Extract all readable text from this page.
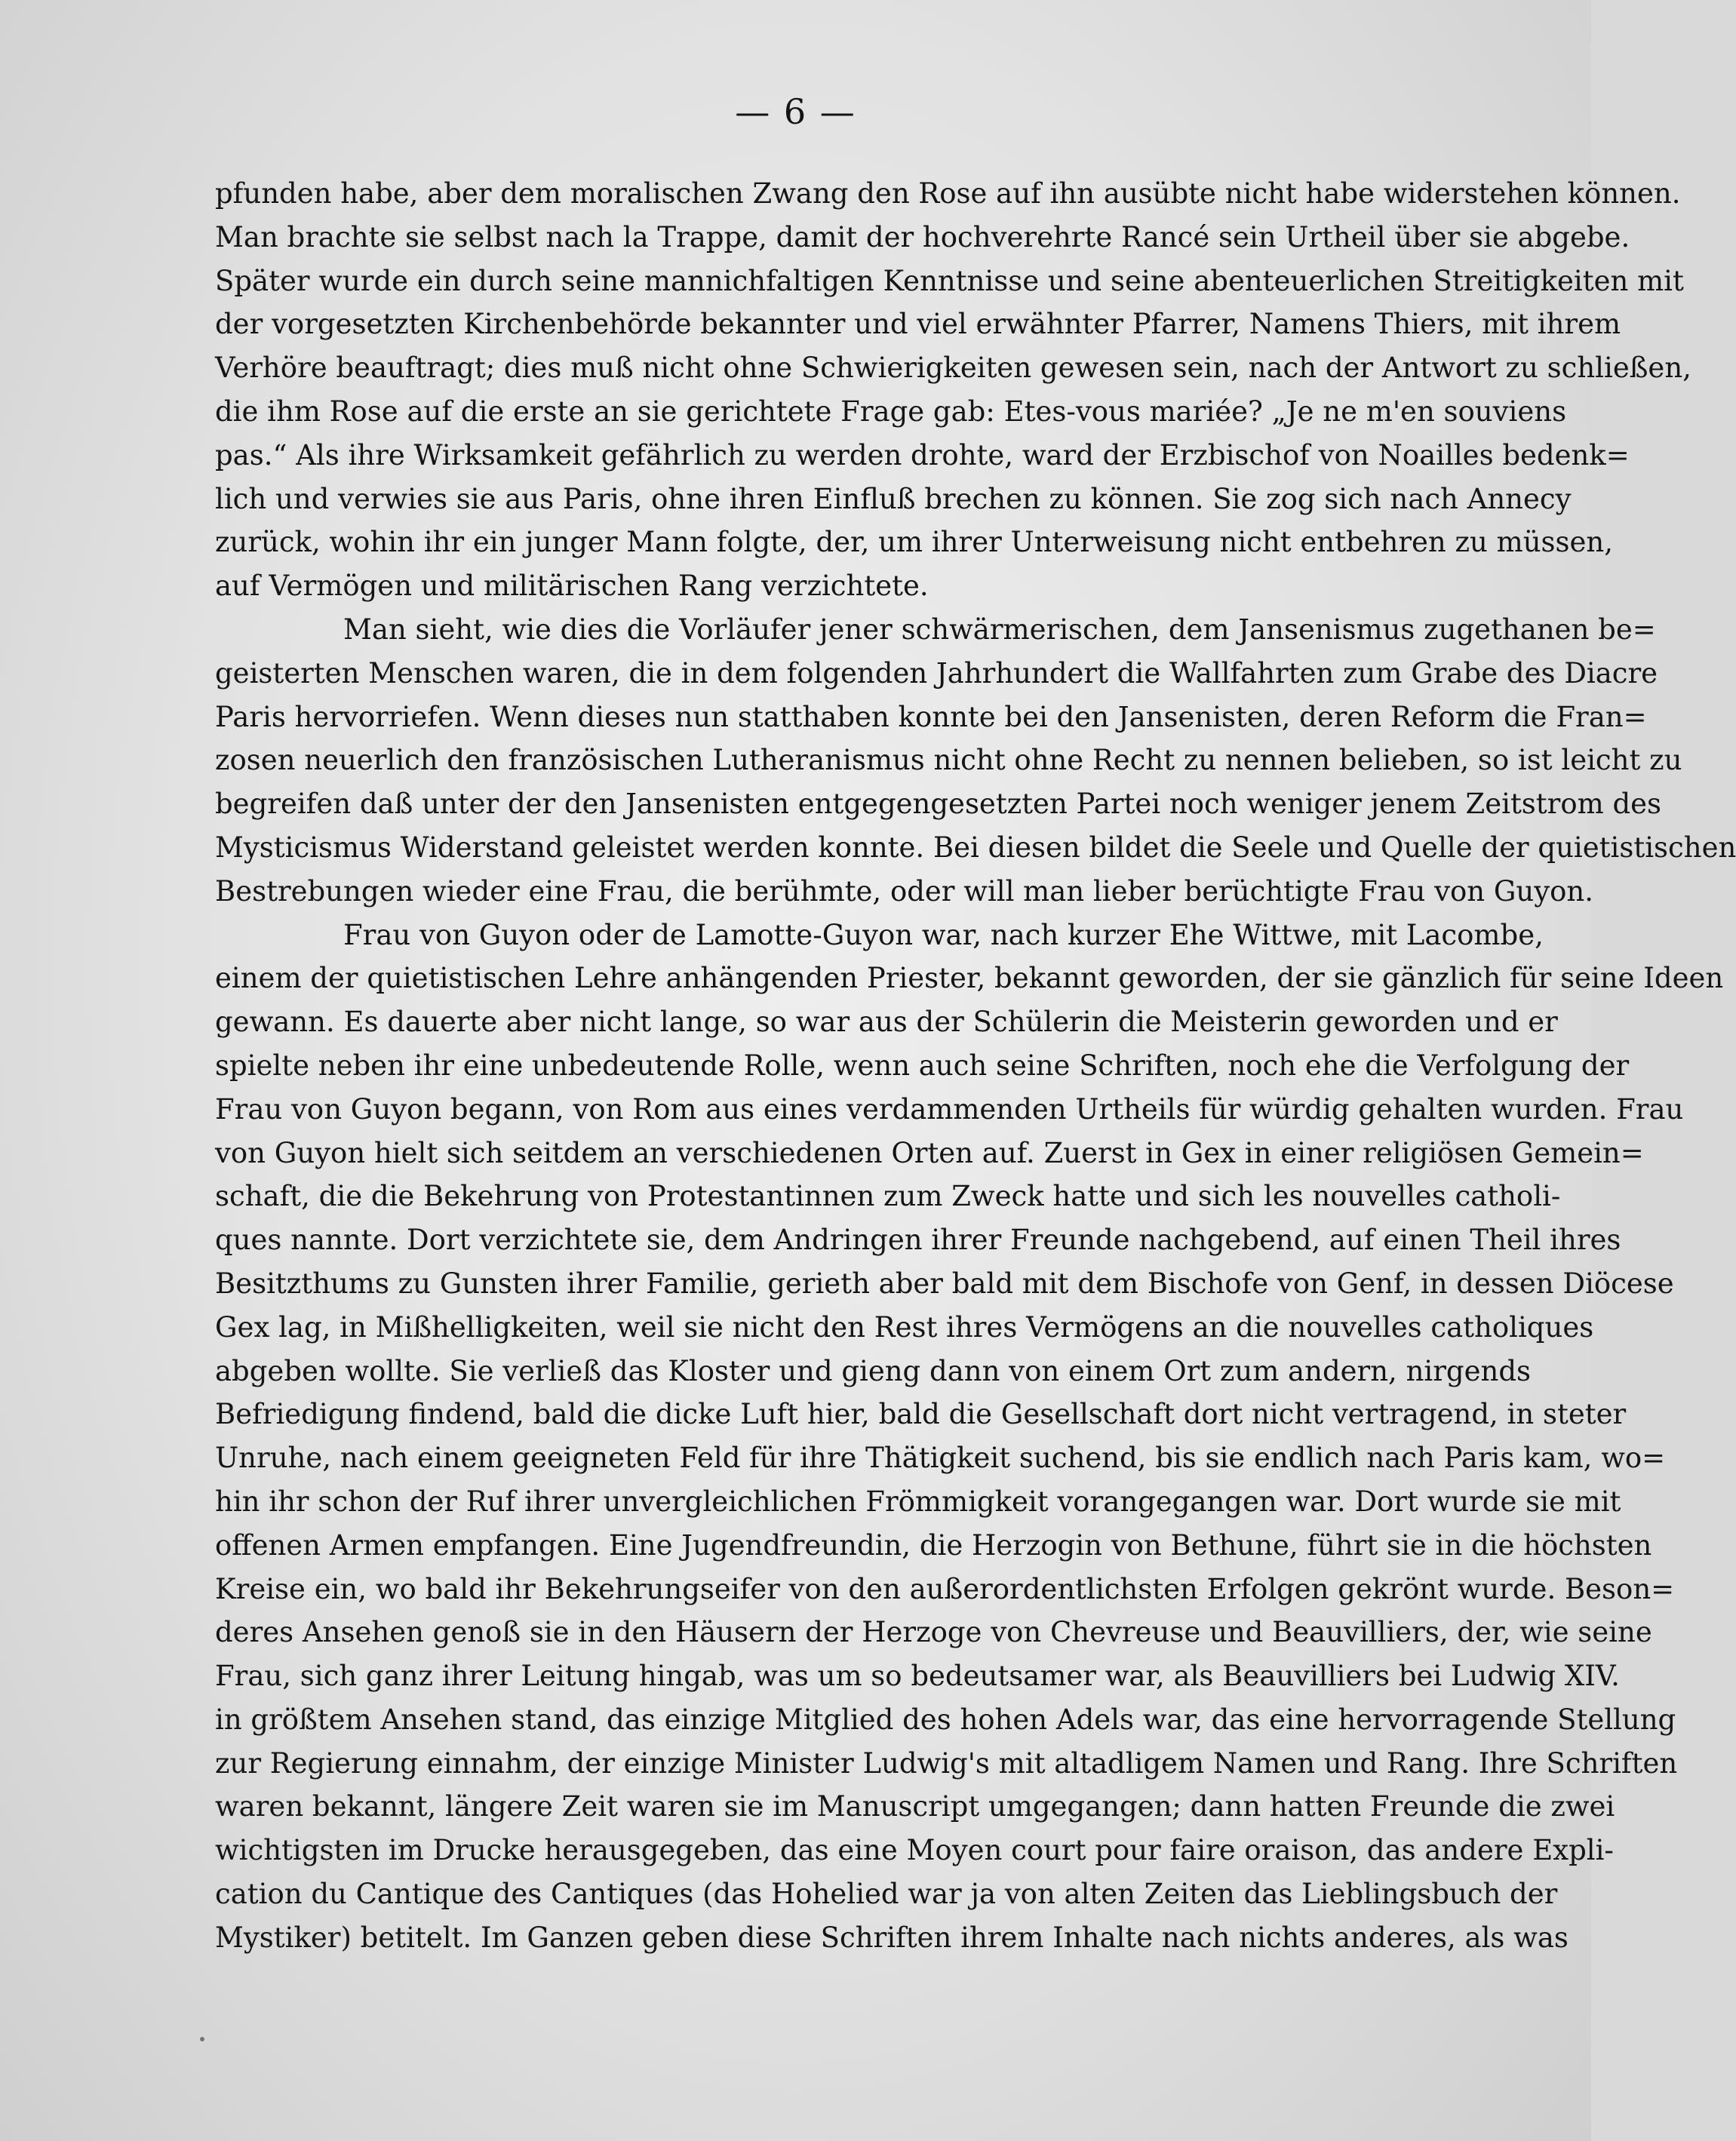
— 6 —
pfunden habe, aber dem moralischen Zwang den Rose auf ihn ausübte nicht habe widerstehen können.
Man brachte sie selbst nach la Trappe, damit der hochverehrte Rancé sein Urtheil über sie abgebe.
Später wurde ein durch seine mannichfaltigen Kenntnisse und seine abenteuerlichen Streitigkeiten mit
der vorgesetzten Kirchenbehörde bekannter und viel erwähnter Pfarrer, Namens Thiers, mit ihrem
Verhöre beauftragt; dies muß nicht ohne Schwierigkeiten gewesen sein, nach der Antwort zu schließen,
die ihm Rose auf die erste an sie gerichtete Frage gab: Etes-vous mariée? „Je ne m'en souviens
pas.“ Als ihre Wirksamkeit gefährlich zu werden drohte, ward der Erzbischof von Noailles bedenk=
lich und verwies sie aus Paris, ohne ihren Einfluß brechen zu können. Sie zog sich nach Annecy
zurück, wohin ihr ein junger Mann folgte, der, um ihrer Unterweisung nicht entbehren zu müssen,
auf Vermögen und militärischen Rang verzichtete.
Man sieht, wie dies die Vorläufer jener schwärmerischen, dem Jansenismus zugethanen be=
geisterten Menschen waren, die in dem folgenden Jahrhundert die Wallfahrten zum Grabe des Diacre
Paris hervorriefen. Wenn dieses nun statthaben konnte bei den Jansenisten, deren Reform die Fran=
zosen neuerlich den französischen Lutheranismus nicht ohne Recht zu nennen belieben, so ist leicht zu
begreifen daß unter der den Jansenisten entgegengesetzten Partei noch weniger jenem Zeitstrom des
Mysticismus Widerstand geleistet werden konnte. Bei diesen bildet die Seele und Quelle der quietistischen
Bestrebungen wieder eine Frau, die berühmte, oder will man lieber berüchtigte Frau von Guyon.
Frau von Guyon oder de Lamotte-Guyon war, nach kurzer Ehe Wittwe, mit Lacombe,
einem der quietistischen Lehre anhängenden Priester, bekannt geworden, der sie gänzlich für seine Ideen
gewann. Es dauerte aber nicht lange, so war aus der Schülerin die Meisterin geworden und er
spielte neben ihr eine unbedeutende Rolle, wenn auch seine Schriften, noch ehe die Verfolgung der
Frau von Guyon begann, von Rom aus eines verdammenden Urtheils für würdig gehalten wurden. Frau
von Guyon hielt sich seitdem an verschiedenen Orten auf. Zuerst in Gex in einer religiösen Gemein=
schaft, die die Bekehrung von Protestantinnen zum Zweck hatte und sich les nouvelles catholi-
ques nannte. Dort verzichtete sie, dem Andringen ihrer Freunde nachgebend, auf einen Theil ihres
Besitzthums zu Gunsten ihrer Familie, gerieth aber bald mit dem Bischofe von Genf, in dessen Diöcese
Gex lag, in Mißhelligkeiten, weil sie nicht den Rest ihres Vermögens an die nouvelles catholiques
abgeben wollte. Sie verließ das Kloster und gieng dann von einem Ort zum andern, nirgends
Befriedigung findend, bald die dicke Luft hier, bald die Gesellschaft dort nicht vertragend, in steter
Unruhe, nach einem geeigneten Feld für ihre Thätigkeit suchend, bis sie endlich nach Paris kam, wo=
hin ihr schon der Ruf ihrer unvergleichlichen Frömmigkeit vorangegangen war. Dort wurde sie mit
offenen Armen empfangen. Eine Jugendfreundin, die Herzogin von Bethune, führt sie in die höchsten
Kreise ein, wo bald ihr Bekehrungseifer von den außerordentlichsten Erfolgen gekrönt wurde. Beson=
deres Ansehen genoß sie in den Häusern der Herzoge von Chevreuse und Beauvilliers, der, wie seine
Frau, sich ganz ihrer Leitung hingab, was um so bedeutsamer war, als Beauvilliers bei Ludwig XIV.
in größtem Ansehen stand, das einzige Mitglied des hohen Adels war, das eine hervorragende Stellung
zur Regierung einnahm, der einzige Minister Ludwig's mit altadligem Namen und Rang. Ihre Schriften
waren bekannt, längere Zeit waren sie im Manuscript umgegangen; dann hatten Freunde die zwei
wichtigsten im Drucke herausgegeben, das eine Moyen court pour faire oraison, das andere Expli-
cation du Cantique des Cantiques (das Hohelied war ja von alten Zeiten das Lieblingsbuch der
Mystiker) betitelt. Im Ganzen geben diese Schriften ihrem Inhalte nach nichts anderes, als was
